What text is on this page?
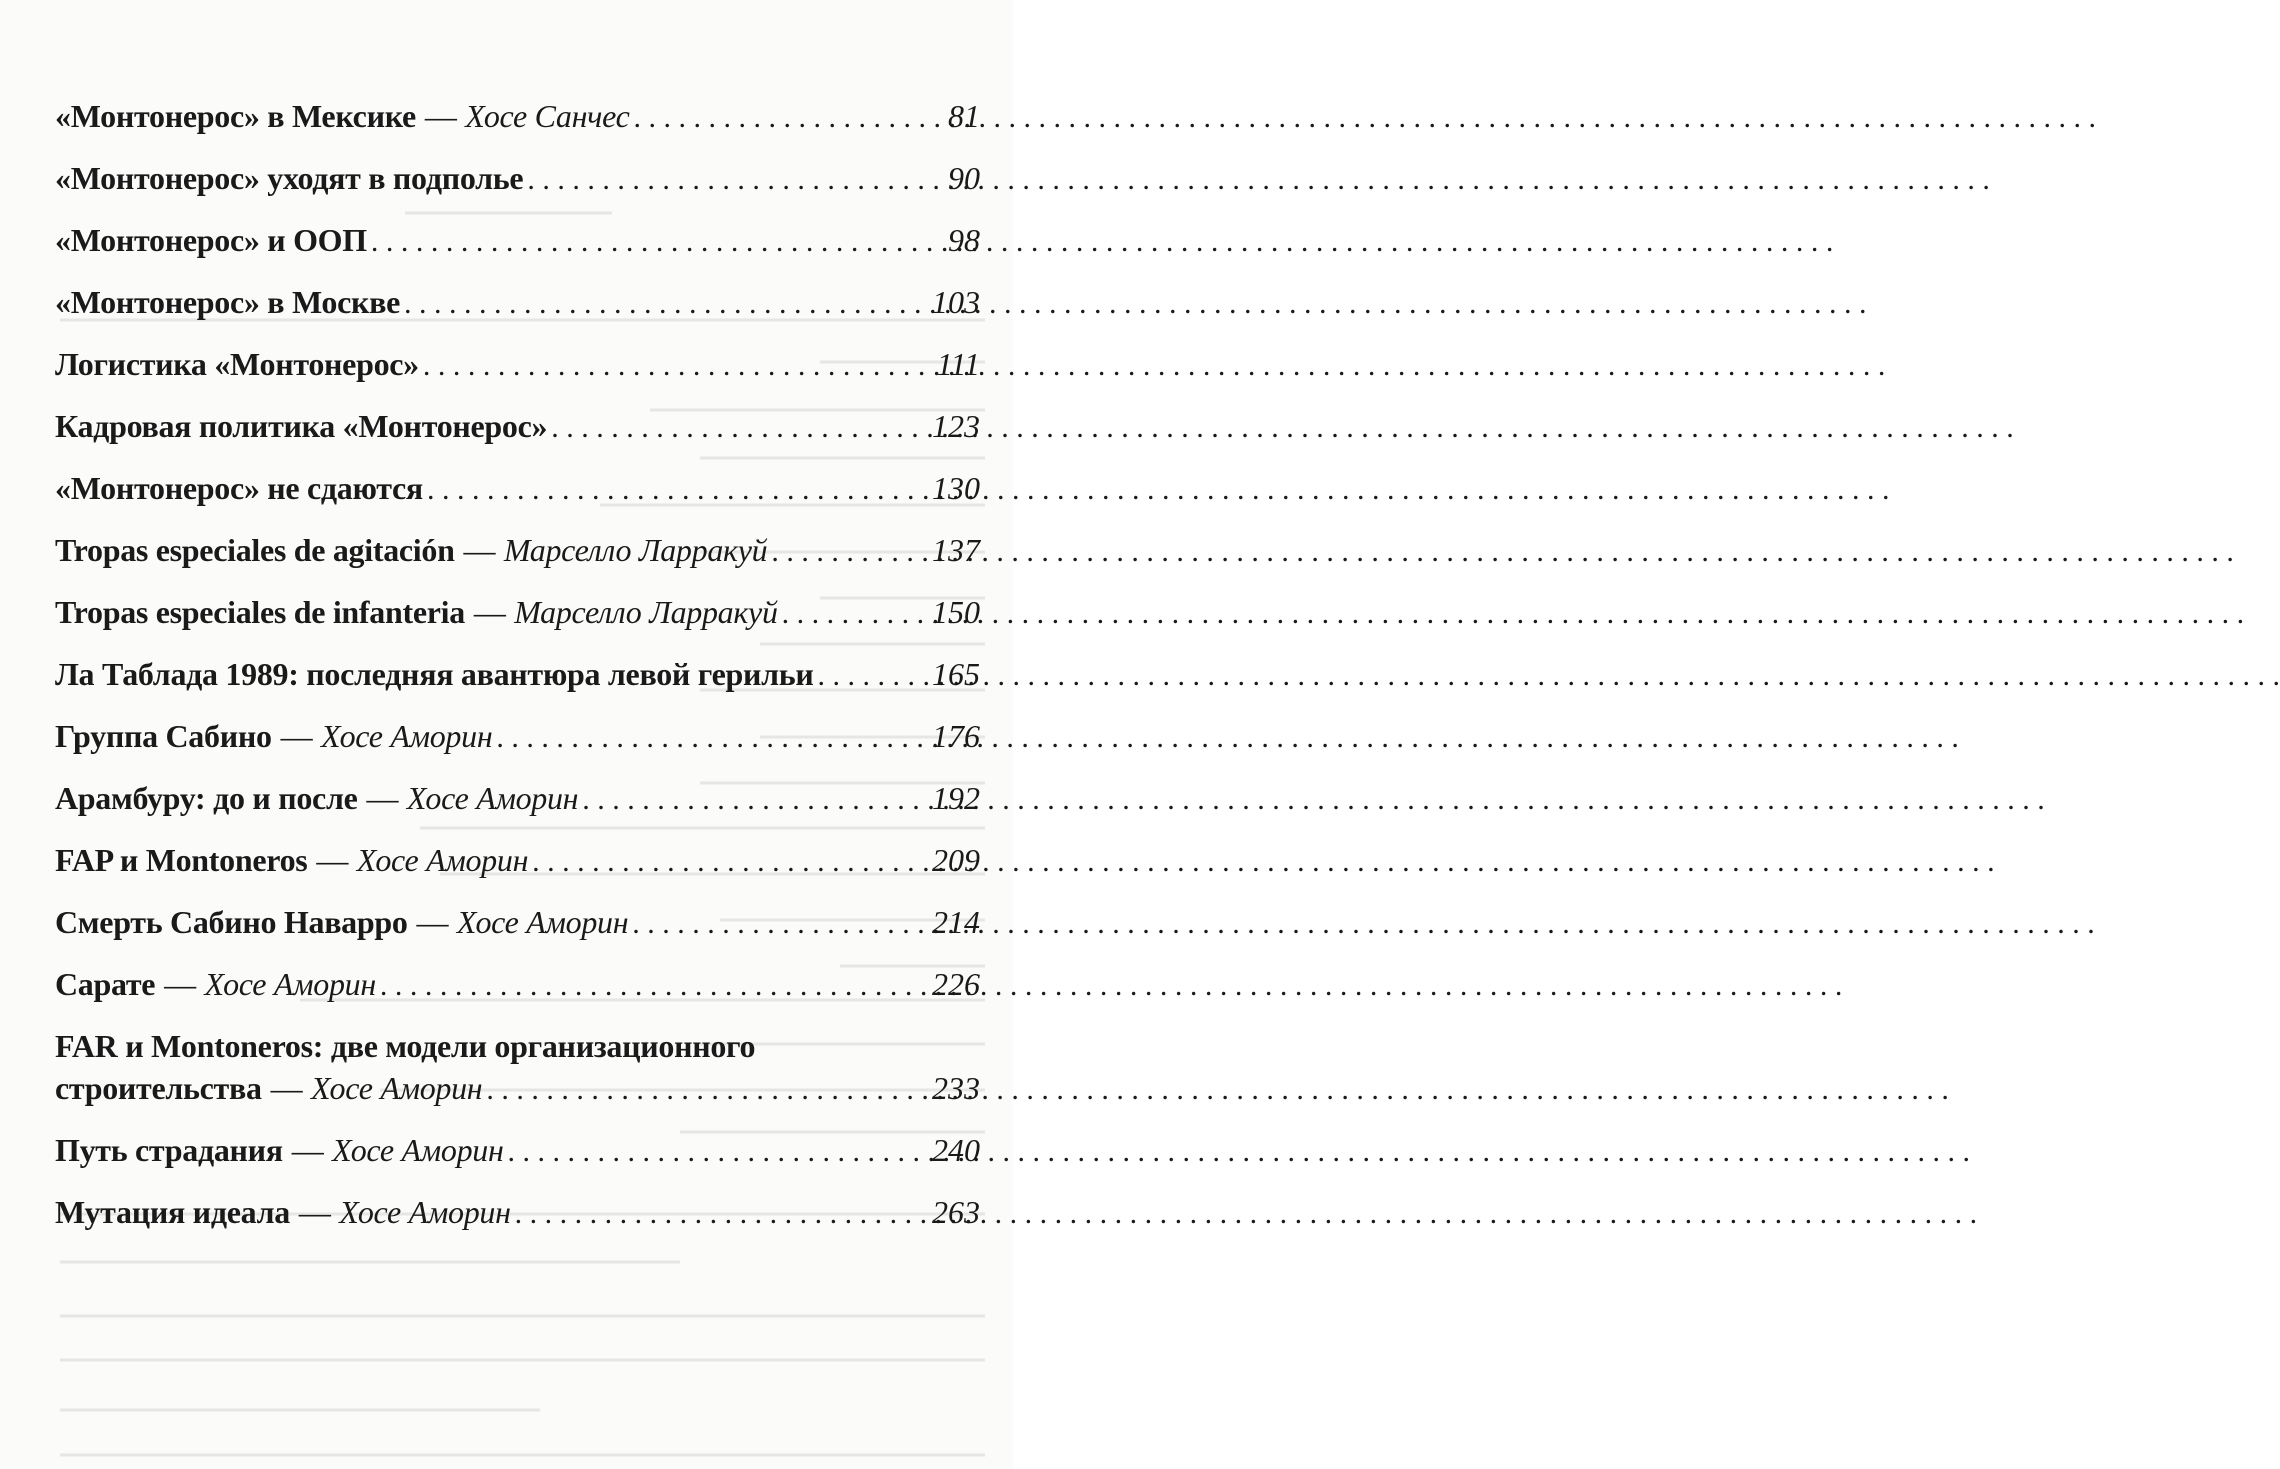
«Монтонерос» в Мексике — Хосе Санчес . . .	81
«Монтонерос» уходят в подполье . . .	90
«Монтонерос» и ООП . . .	98
«Монтонерос» в Москве . . .	103
Логистика «Монтонерос» . . .	111
Кадровая политика «Монтонерос» . . .	123
«Монтонерос» не сдаются . . .	130
Tropas especiales de agitación — Марселло Ларракуй . . .	137
Tropas especiales de infanteria — Марселло Ларракуй . . .	150
Ла Таблада 1989: последняя авантюра левой герильи . . .	165
Группа Сабино — Хосе Аморин . . .	176
Арамбуру: до и после — Хосе Аморин . . .	192
FAP и Montoneros — Хосе Аморин . . .	209
Смерть Сабино Наварро — Хосе Аморин . . .	214
Сарате — Хосе Аморин . . .	226
FAR и Montoneros: две модели организационного
строительства — Хосе Аморин . . .	233
Путь страдания — Хосе Аморин . . .	240
Мутация идеала — Хосе Аморин . . .	263
